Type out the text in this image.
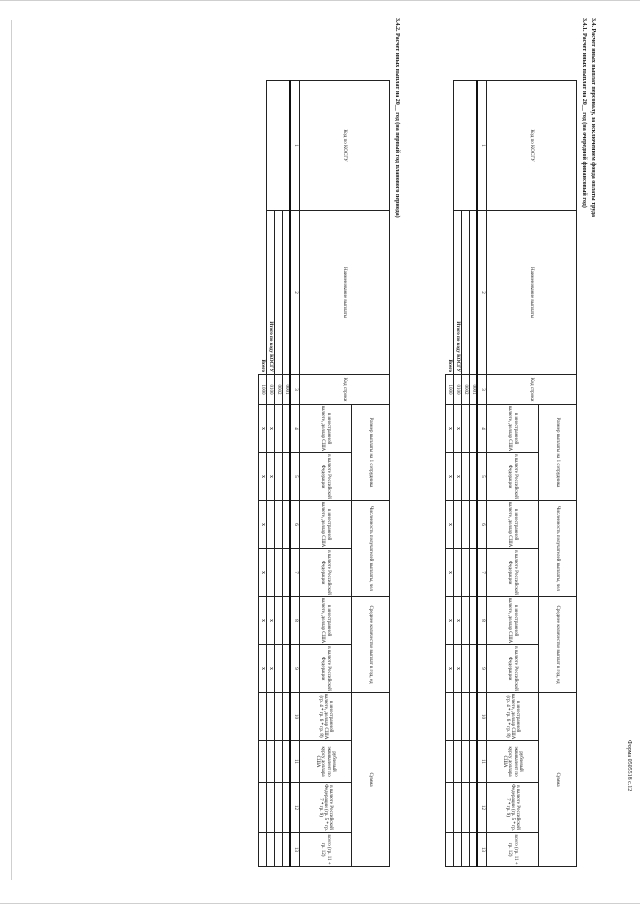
Форма 0505518 с.12
3.4. Расчет иных выплат персоналу, за исключением фонда оплаты труда
3.4.1. Расчет иных выплат на 20__ год (на очередной финансовый год)
Код по КОСГУ	Наименование выплаты	Код строки	Размер выплаты на 1 сотрудника		Численность получателей выплаты, чел		Среднее количество выплат в год, ед		Сумма			
			в иностранной валюте, доллар США	в валюте Российской Федерации	в иностранной валюте, доллар США	в валюте Российской Федерации	в иностранной валюте, доллар США	в валюте Российской Федерации	в иностранной валюте, доллар США (гр. 4 * гр. 6 * гр. 8)	рублевый эквивалент по курсу доллара США	в валюте Российской Федерации (гр. 5 * гр. 7 * гр. 9)	всего (гр. 11 + гр. 12)
1	2	3	4	5	6	7	8	9	10	11	12	13
		0001										
		0002										
	Итого по коду КОСГУ	0100	x	x			x	x				
	Всего	1000	x	x	x	x	x	x				
3.4.2. Расчет иных выплат на 20__ год (на первый год планового периода)
Код по КОСГУ	Наименование выплаты	Код строки	Размер выплаты на 1 сотрудника		Численность получателей выплаты, чел		Среднее количество выплат в год, ед		Сумма			
			в иностранной валюте, доллар США	в валюте Российской Федерации	в иностранной валюте, доллар США	в валюте Российской Федерации	в иностранной валюте, доллар США	в валюте Российской Федерации	в иностранной валюте, доллар США (гр. 4 * гр. 6 * гр. 8)	рублевый эквивалент по курсу доллара США	в валюте Российской Федерации (гр. 5 * гр. 7 * гр. 9)	всего (гр. 11 + гр. 12)
1	2	3	4	5	6	7	8	9	10	11	12	13
		0001										
		0002										
	Итого по коду КОСГУ	0100	x	x			x	x				
	Всего	1000	x	x	x	x	x	x				
